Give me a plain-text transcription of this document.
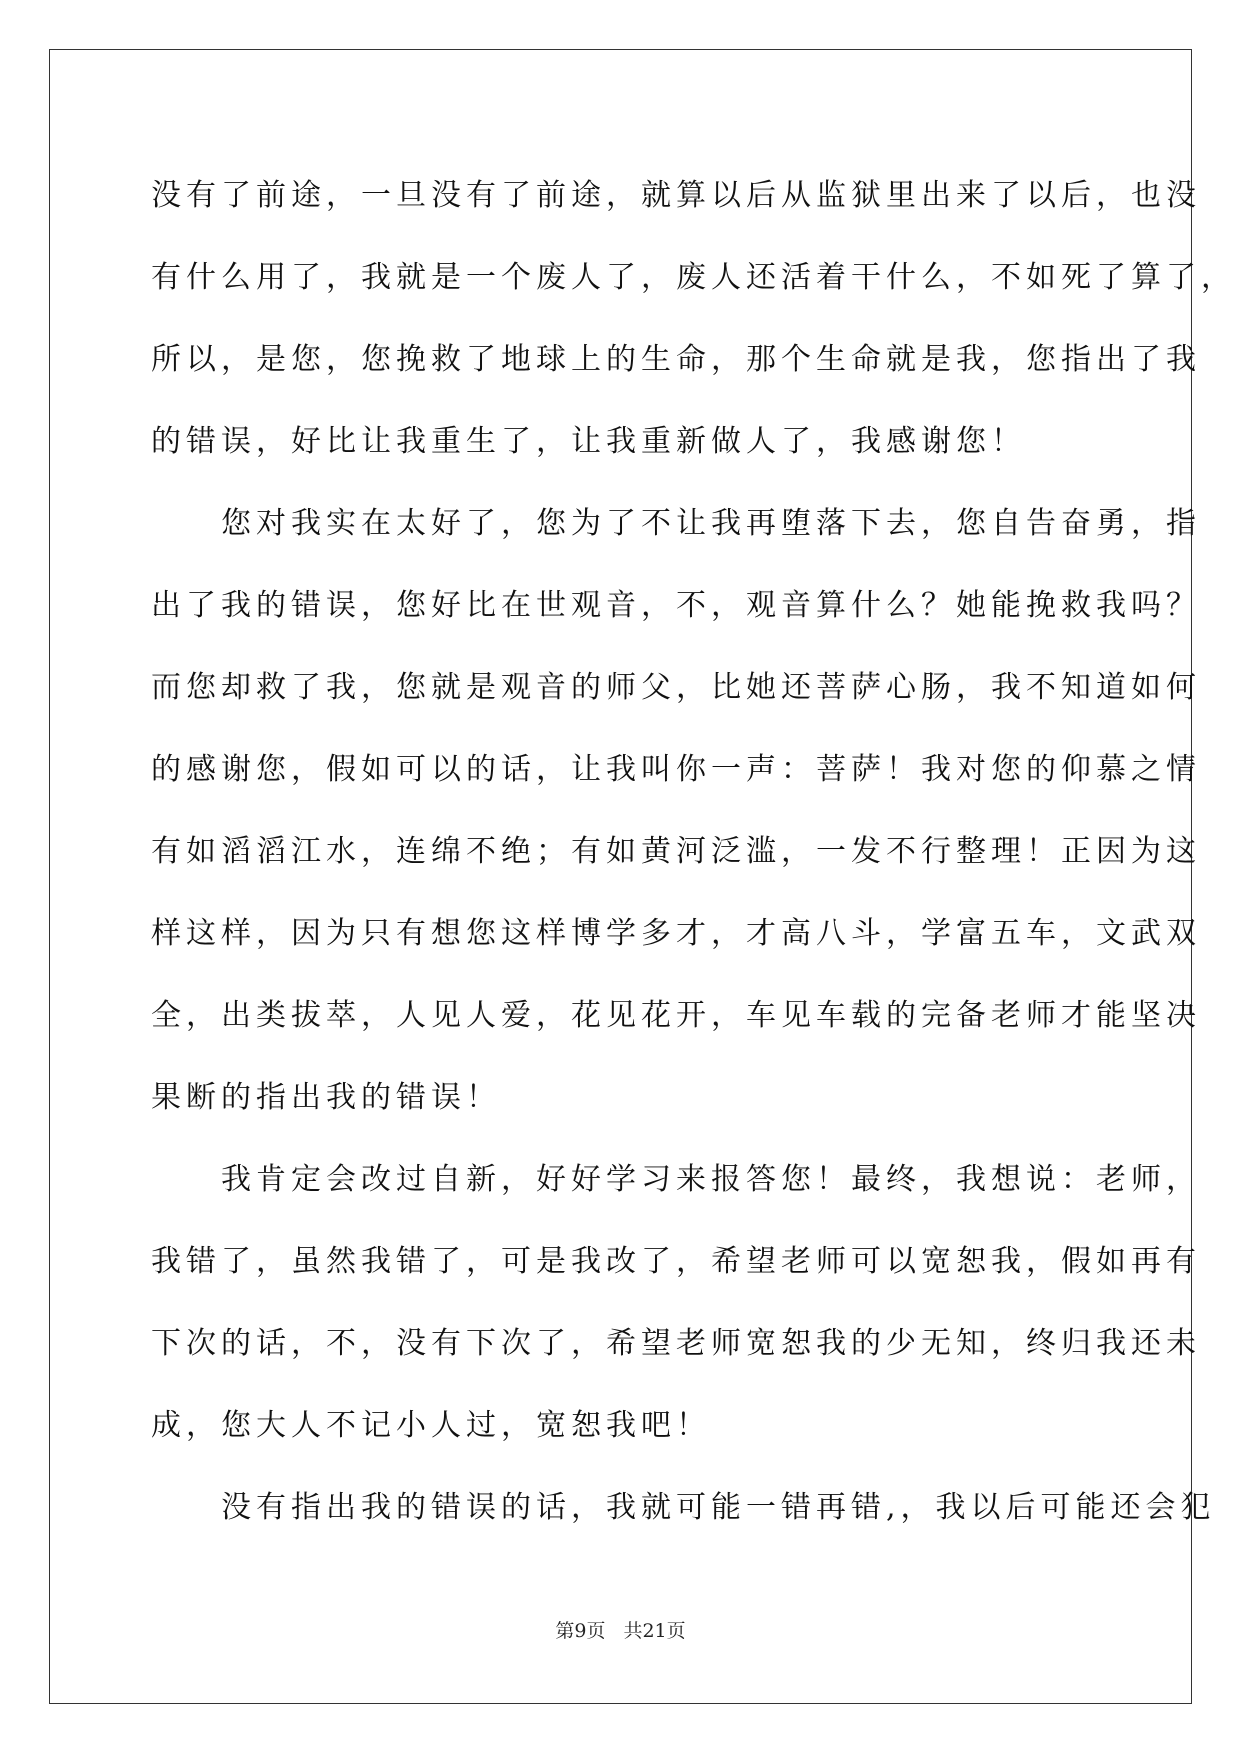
没有了前途，一旦没有了前途，就算以后从监狱里出来了以后，也没
有什么用了，我就是一个废人了，废人还活着干什么，不如死了算了，
所以，是您，您挽救了地球上的生命，那个生命就是我，您指出了我
的错误，好比让我重生了，让我重新做人了，我感谢您！
　　您对我实在太好了，您为了不让我再堕落下去，您自告奋勇，指
出了我的错误，您好比在世观音，不，观音算什么？她能挽救我吗？
而您却救了我，您就是观音的师父，比她还菩萨心肠，我不知道如何
的感谢您，假如可以的话，让我叫你一声：菩萨！我对您的仰慕之情
有如滔滔江水，连绵不绝；有如黄河泛滥，一发不行整理！正因为这
样这样，因为只有想您这样博学多才，才高八斗，学富五车，文武双
全，出类拔萃，人见人爱，花见花开，车见车载的完备老师才能坚决
果断的指出我的错误！
　　我肯定会改过自新，好好学习来报答您！最终，我想说：老师，
我错了，虽然我错了，可是我改了，希望老师可以宽恕我，假如再有
下次的话，不，没有下次了，希望老师宽恕我的少无知，终归我还未
成，您大人不记小人过，宽恕我吧！
　　没有指出我的错误的话，我就可能一错再错,，我以后可能还会犯
第9页 共21页
